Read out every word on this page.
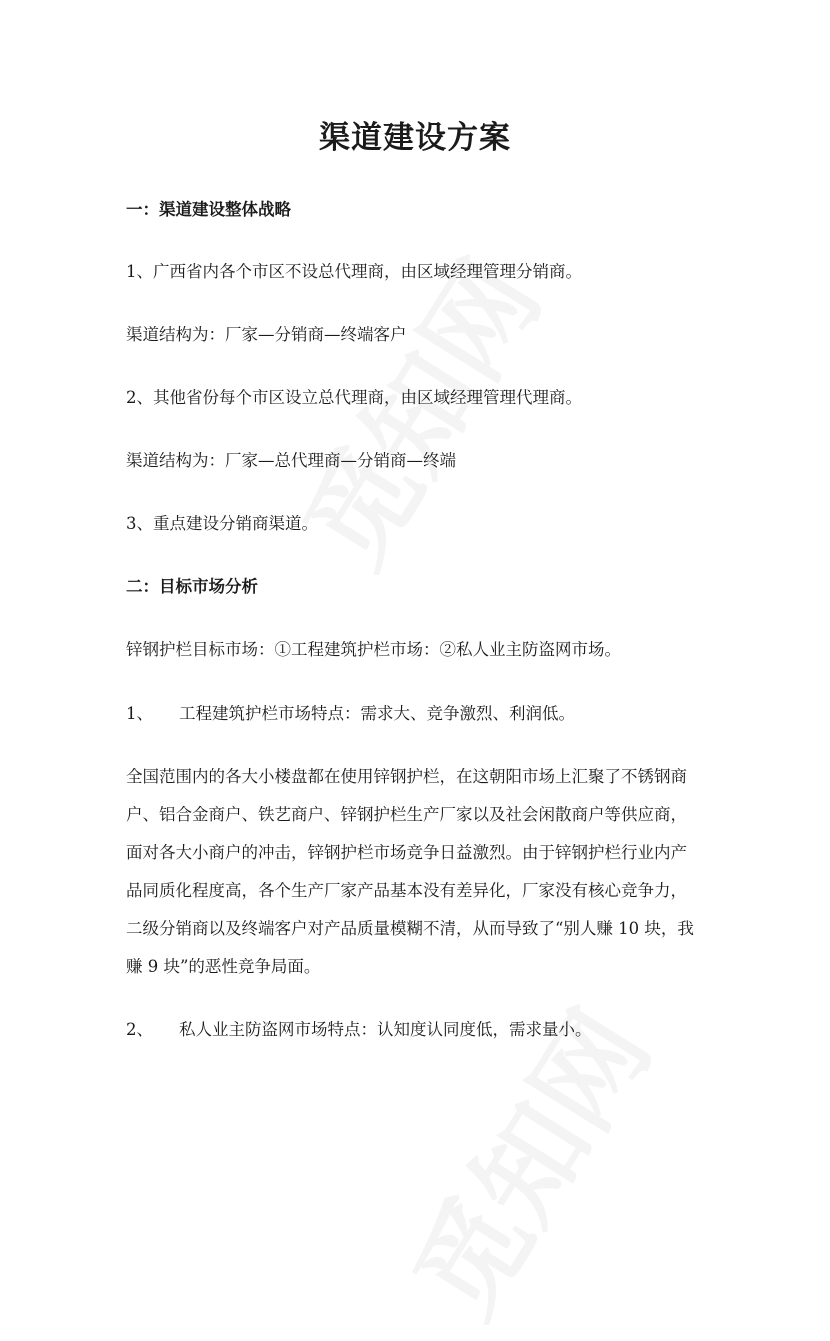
渠道建设方案

一：渠道建设整体战略

1、广西省内各个市区不设总代理商，由区域经理管理分销商。

渠道结构为：厂家—分销商—终端客户

2、其他省份每个市区设立总代理商，由区域经理管理代理商。

渠道结构为：厂家—总代理商—分销商—终端

3、重点建设分销商渠道。

二：目标市场分析

锌钢护栏目标市场：①工程建筑护栏市场：②私人业主防盗网市场。

1、 工程建筑护栏市场特点：需求大、竞争激烈、利润低。

全国范围内的各大小楼盘都在使用锌钢护栏，在这朝阳市场上汇聚了不锈钢商

户、铝合金商户、铁艺商户、锌钢护栏生产厂家以及社会闲散商户等供应商，

面对各大小商户的冲击，锌钢护栏市场竞争日益激烈。由于锌钢护栏行业内产

品同质化程度高，各个生产厂家产品基本没有差异化，厂家没有核心竞争力，

二级分销商以及终端客户对产品质量模糊不清，从而导致了“别人赚 10 块，我

赚 9 块”的恶性竞争局面。

2、 私人业主防盗网市场特点：认知度认同度低，需求量小。
